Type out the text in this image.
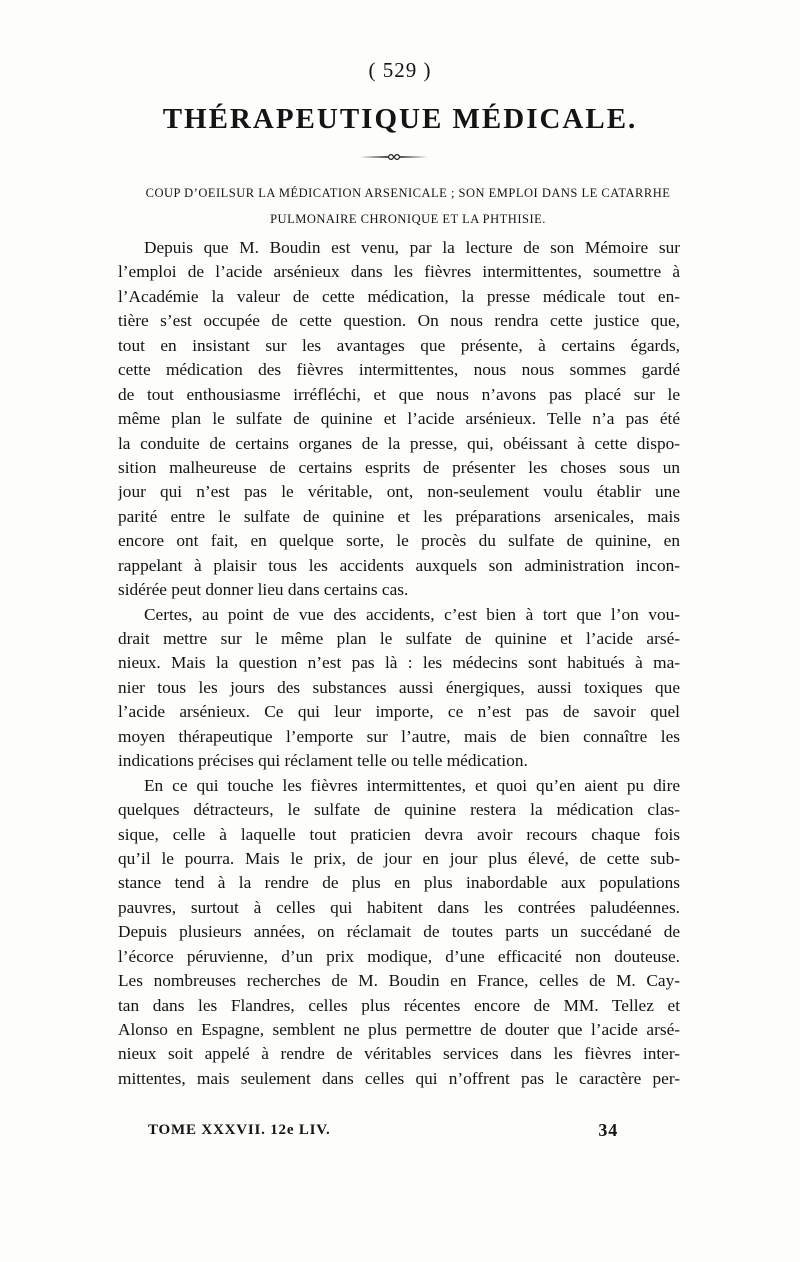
( 529 )
THÉRAPEUTIQUE MÉDICALE.
COUP D’OEILSUR LA MÉDICATION ARSENICALE ; SON EMPLOI DANS LE CATARRHE
PULMONAIRE CHRONIQUE ET LA PHTHISIE.
Depuis que M. Boudin est venu, par la lecture de son Mémoire sur
l’emploi de l’acide arsénieux dans les fièvres intermittentes, soumettre à
l’Académie la valeur de cette médication, la presse médicale tout en-
tière s’est occupée de cette question. On nous rendra cette justice que,
tout en insistant sur les avantages que présente, à certains égards,
cette médication des fièvres intermittentes, nous nous sommes gardé
de tout enthousiasme irréfléchi, et que nous n’avons pas placé sur le
même plan le sulfate de quinine et l’acide arsénieux. Telle n’a pas été
la conduite de certains organes de la presse, qui, obéissant à cette dispo-
sition malheureuse de certains esprits de présenter les choses sous un
jour qui n’est pas le véritable, ont, non-seulement voulu établir une
parité entre le sulfate de quinine et les préparations arsenicales, mais
encore ont fait, en quelque sorte, le procès du sulfate de quinine, en
rappelant à plaisir tous les accidents auxquels son administration incon-
sidérée peut donner lieu dans certains cas.
Certes, au point de vue des accidents, c’est bien à tort que l’on vou-
drait mettre sur le même plan le sulfate de quinine et l’acide arsé-
nieux. Mais la question n’est pas là : les médecins sont habitués à ma-
nier tous les jours des substances aussi énergiques, aussi toxiques que
l’acide arsénieux. Ce qui leur importe, ce n’est pas de savoir quel
moyen thérapeutique l’emporte sur l’autre, mais de bien connaître les
indications précises qui réclament telle ou telle médication.
En ce qui touche les fièvres intermittentes, et quoi qu’en aient pu dire
quelques détracteurs, le sulfate de quinine restera la médication clas-
sique, celle à laquelle tout praticien devra avoir recours chaque fois
qu’il le pourra. Mais le prix, de jour en jour plus élevé, de cette sub-
stance tend à la rendre de plus en plus inabordable aux populations
pauvres, surtout à celles qui habitent dans les contrées paludéennes.
Depuis plusieurs années, on réclamait de toutes parts un succédané de
l’écorce péruvienne, d’un prix modique, d’une efficacité non douteuse.
Les nombreuses recherches de M. Boudin en France, celles de M. Cay-
tan dans les Flandres, celles plus récentes encore de MM. Tellez et
Alonso en Espagne, semblent ne plus permettre de douter que l’acide arsé-
nieux soit appelé à rendre de véritables services dans les fièvres inter-
mittentes, mais seulement dans celles qui n’offrent pas le caractère per-
TOME XXXVII. 12e LIV.	34
